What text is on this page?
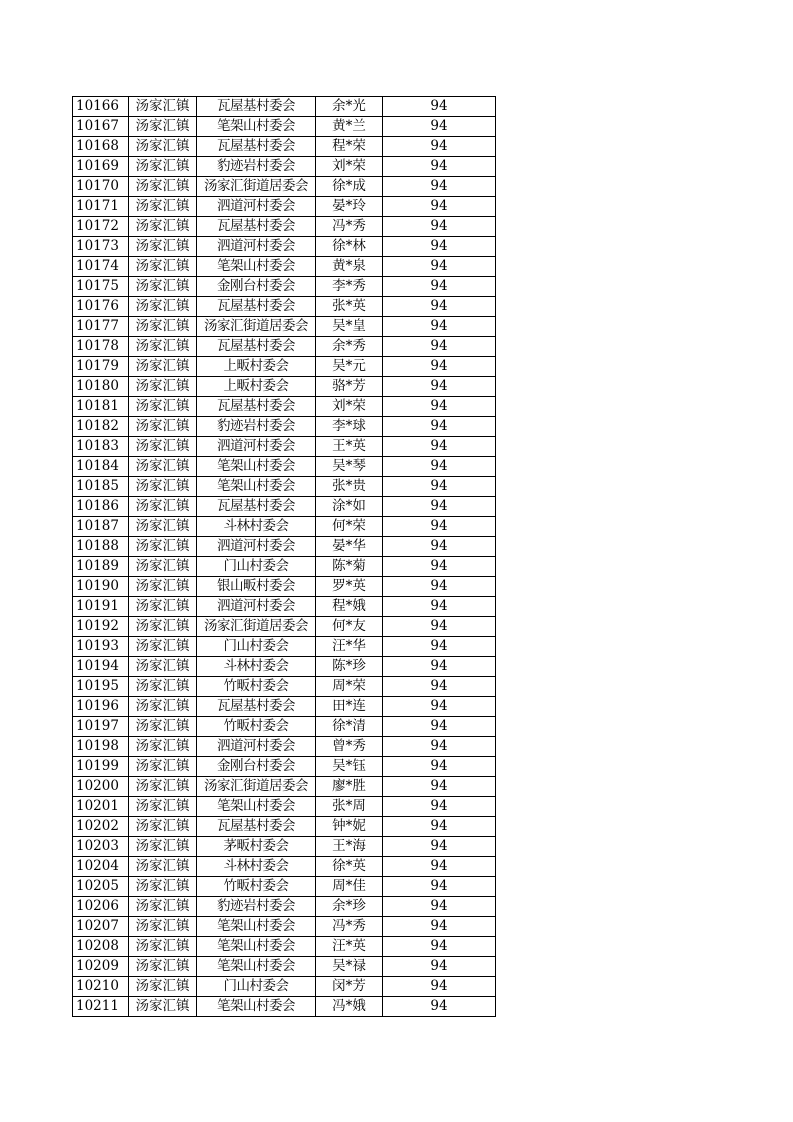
10166	汤家汇镇	瓦屋基村委会	余*光	94
10167	汤家汇镇	笔架山村委会	黄*兰	94
10168	汤家汇镇	瓦屋基村委会	程*荣	94
10169	汤家汇镇	豹迹岩村委会	刘*荣	94
10170	汤家汇镇	汤家汇街道居委会	徐*成	94
10171	汤家汇镇	泗道河村委会	晏*玲	94
10172	汤家汇镇	瓦屋基村委会	冯*秀	94
10173	汤家汇镇	泗道河村委会	徐*林	94
10174	汤家汇镇	笔架山村委会	黄*泉	94
10175	汤家汇镇	金刚台村委会	李*秀	94
10176	汤家汇镇	瓦屋基村委会	张*英	94
10177	汤家汇镇	汤家汇街道居委会	吴*皇	94
10178	汤家汇镇	瓦屋基村委会	余*秀	94
10179	汤家汇镇	上畈村委会	吴*元	94
10180	汤家汇镇	上畈村委会	骆*芳	94
10181	汤家汇镇	瓦屋基村委会	刘*荣	94
10182	汤家汇镇	豹迹岩村委会	李*球	94
10183	汤家汇镇	泗道河村委会	王*英	94
10184	汤家汇镇	笔架山村委会	吴*琴	94
10185	汤家汇镇	笔架山村委会	张*贵	94
10186	汤家汇镇	瓦屋基村委会	涂*如	94
10187	汤家汇镇	斗林村委会	何*荣	94
10188	汤家汇镇	泗道河村委会	晏*华	94
10189	汤家汇镇	门山村委会	陈*菊	94
10190	汤家汇镇	银山畈村委会	罗*英	94
10191	汤家汇镇	泗道河村委会	程*娥	94
10192	汤家汇镇	汤家汇街道居委会	何*友	94
10193	汤家汇镇	门山村委会	汪*华	94
10194	汤家汇镇	斗林村委会	陈*珍	94
10195	汤家汇镇	竹畈村委会	周*荣	94
10196	汤家汇镇	瓦屋基村委会	田*连	94
10197	汤家汇镇	竹畈村委会	徐*清	94
10198	汤家汇镇	泗道河村委会	曾*秀	94
10199	汤家汇镇	金刚台村委会	吴*钰	94
10200	汤家汇镇	汤家汇街道居委会	廖*胜	94
10201	汤家汇镇	笔架山村委会	张*周	94
10202	汤家汇镇	瓦屋基村委会	钟*妮	94
10203	汤家汇镇	茅畈村委会	王*海	94
10204	汤家汇镇	斗林村委会	徐*英	94
10205	汤家汇镇	竹畈村委会	周*佳	94
10206	汤家汇镇	豹迹岩村委会	余*珍	94
10207	汤家汇镇	笔架山村委会	冯*秀	94
10208	汤家汇镇	笔架山村委会	汪*英	94
10209	汤家汇镇	笔架山村委会	吴*禄	94
10210	汤家汇镇	门山村委会	闵*芳	94
10211	汤家汇镇	笔架山村委会	冯*娥	94
